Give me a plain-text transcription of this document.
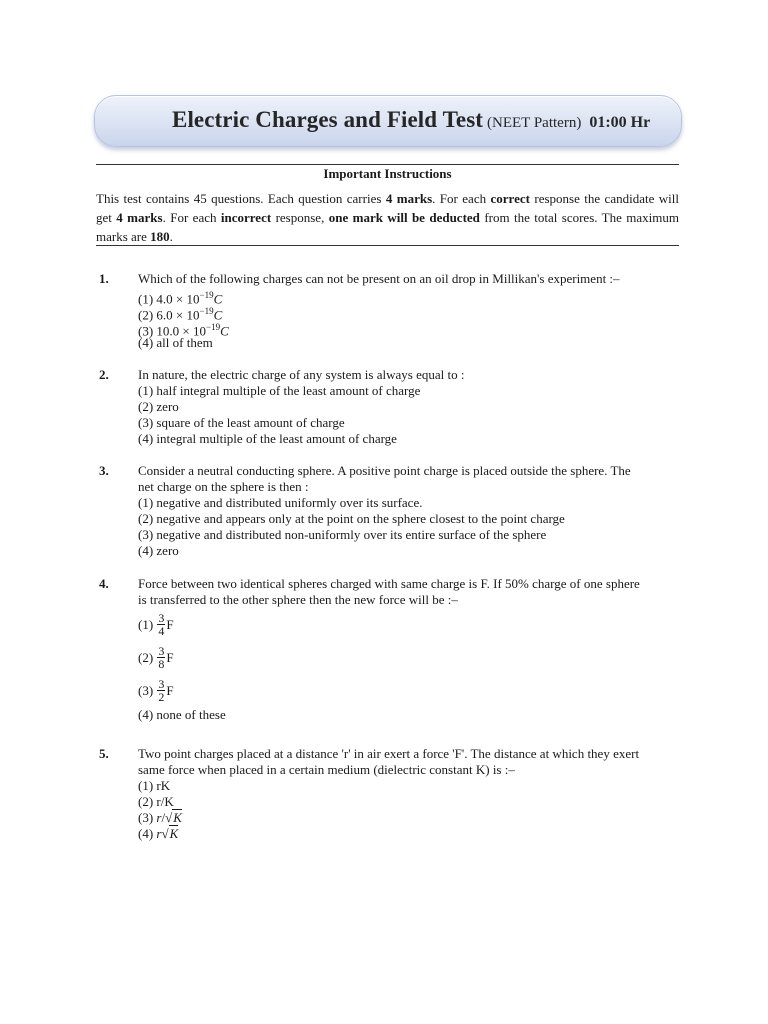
Electric Charges and Field Test (NEET Pattern) 01:00 Hr
Important Instructions
This test contains 45 questions. Each question carries 4 marks. For each correct response the candidate will get 4 marks. For each incorrect response, one mark will be deducted from the total scores. The maximum marks are 180.
1. Which of the following charges can not be present on an oil drop in Millikan's experiment :–
(1) $4.0 \times 10^{-19}C$
(2) $6.0 \times 10^{-19}C$
(3) $10.0 \times 10^{-19}C$
(4) all of them
2. In nature, the electric charge of any system is always equal to :
(1) half integral multiple of the least amount of charge
(2) zero
(3) square of the least amount of charge
(4) integral multiple of the least amount of charge
3. Consider a neutral conducting sphere. A positive point charge is placed outside the sphere. The
net charge on the sphere is then :
(1) negative and distributed uniformly over its surface.
(2) negative and appears only at the point on the sphere closest to the point charge
(3) negative and distributed non-uniformly over its entire surface of the sphere
(4) zero
4. Force between two identical spheres charged with same charge is F. If 50% charge of one sphere
is transferred to the other sphere then the new force will be :–
(1)
$\frac{3}{4}$ F
(2)
$\frac{3}{8}$ F
(3)
$\frac{3}{2}$ F
(4) none of these
5. Two point charges placed at a distance 'r' in air exert a force 'F'. The distance at which they exert
same force when placed in a certain medium (dielectric constant K) is :–
(1) rK
(2) r/K
(3) r/√K
(4) r√K
